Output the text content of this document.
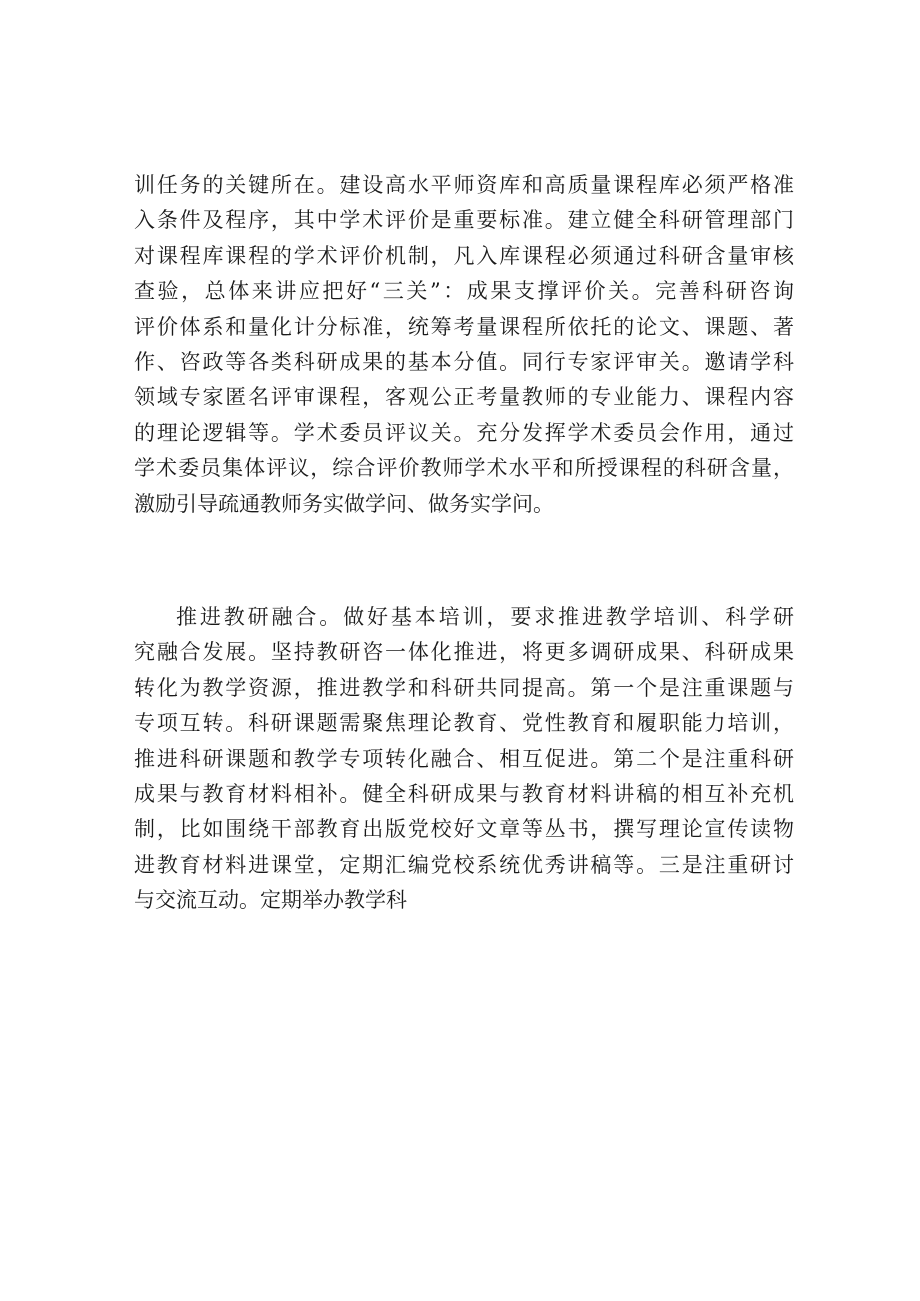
训任务的关键所在。建设高水平师资库和高质量课程库必须严格准
入条件及程序，其中学术评价是重要标准。建立健全科研管理部门
对课程库课程的学术评价机制，凡入库课程必须通过科研含量审核
查验，总体来讲应把好“三关”：成果支撑评价关。完善科研咨询
评价体系和量化计分标准，统筹考量课程所依托的论文、课题、著
作、咨政等各类科研成果的基本分值。同行专家评审关。邀请学科
领域专家匿名评审课程，客观公正考量教师的专业能力、课程内容
的理论逻辑等。学术委员评议关。充分发挥学术委员会作用，通过
学术委员集体评议，综合评价教师学术水平和所授课程的科研含量，
激励引导疏通教师务实做学问、做务实学问。
推进教研融合。做好基本培训，要求推进教学培训、科学研
究融合发展。坚持教研咨一体化推进，将更多调研成果、科研成果
转化为教学资源，推进教学和科研共同提高。第一个是注重课题与
专项互转。科研课题需聚焦理论教育、党性教育和履职能力培训，
推进科研课题和教学专项转化融合、相互促进。第二个是注重科研
成果与教育材料相补。健全科研成果与教育材料讲稿的相互补充机
制，比如围绕干部教育出版党校好文章等丛书，撰写理论宣传读物
进教育材料进课堂，定期汇编党校系统优秀讲稿等。三是注重研讨
与交流互动。定期举办教学科
